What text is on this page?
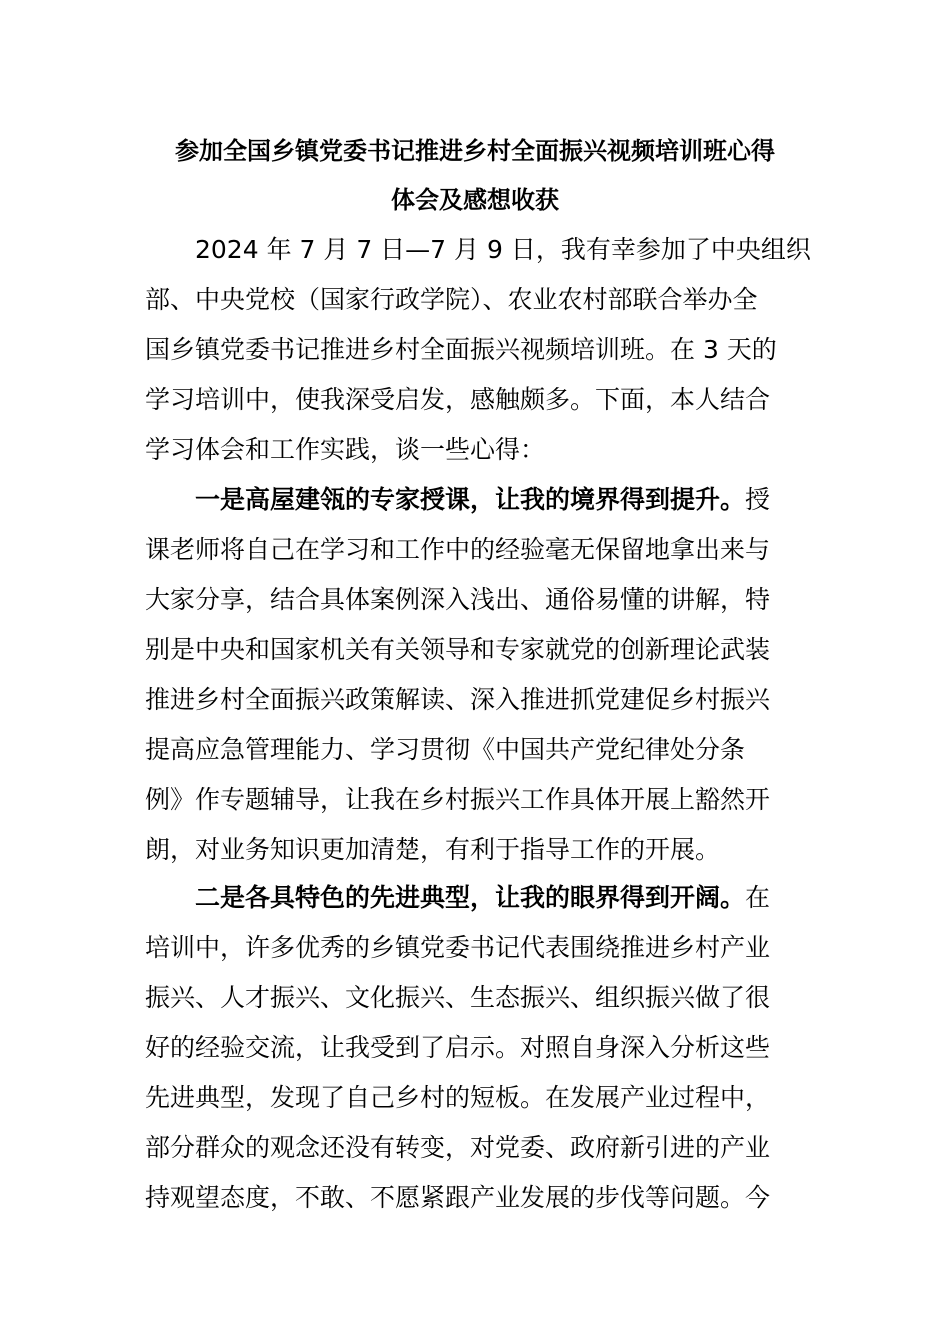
参加全国乡镇党委书记推进乡村全面振兴视频培训班心得
体会及感想收获
2024 年 7 月 7 日—7 月 9 日，我有幸参加了中央组织
部、中央党校（国家行政学院）、农业农村部联合举办全
国乡镇党委书记推进乡村全面振兴视频培训班。在 3 天的
学习培训中，使我深受启发，感触颇多。下面，本人结合
学习体会和工作实践，谈一些心得：
一是高屋建瓴的专家授课，让我的境界得到提升。授
课老师将自己在学习和工作中的经验毫无保留地拿出来与
大家分享，结合具体案例深入浅出、通俗易懂的讲解，特
别是中央和国家机关有关领导和专家就党的创新理论武装
推进乡村全面振兴政策解读、深入推进抓党建促乡村振兴
提高应急管理能力、学习贯彻《中国共产党纪律处分条
例》作专题辅导，让我在乡村振兴工作具体开展上豁然开
朗，对业务知识更加清楚，有利于指导工作的开展。
二是各具特色的先进典型，让我的眼界得到开阔。在
培训中，许多优秀的乡镇党委书记代表围绕推进乡村产业
振兴、人才振兴、文化振兴、生态振兴、组织振兴做了很
好的经验交流，让我受到了启示。对照自身深入分析这些
先进典型，发现了自己乡村的短板。在发展产业过程中，
部分群众的观念还没有转变，对党委、政府新引进的产业
持观望态度，不敢、不愿紧跟产业发展的步伐等问题。今
